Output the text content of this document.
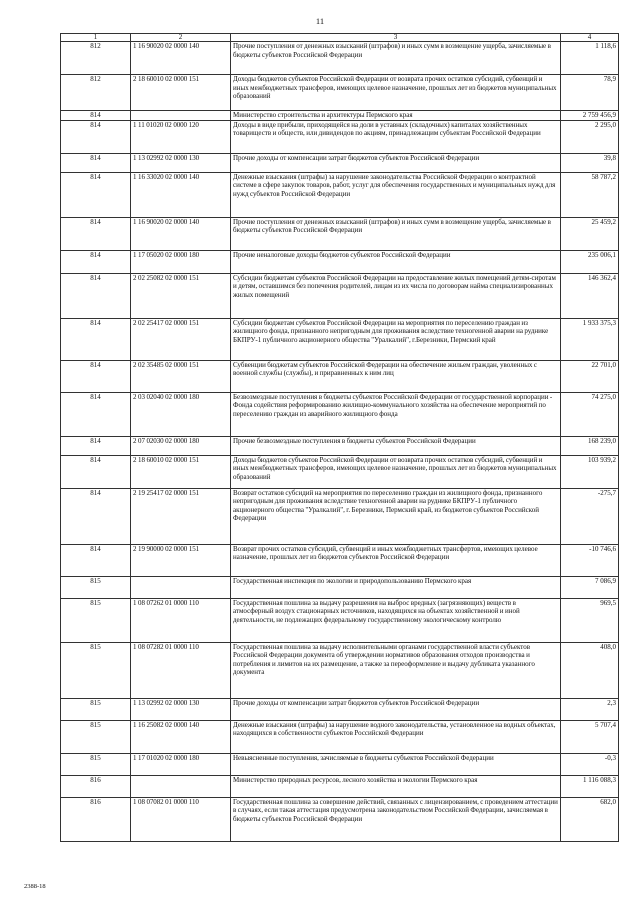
11
1	2	3	4
812	1 16 90020 02 0000 140	Прочие поступления от денежных взысканий (штрафов) и иных сумм в возмещение ущерба, зачисляемые в бюджеты субъектов Российской Федерации	1 118,6
812	2 18 60010 02 0000 151	Доходы бюджетов субъектов Российской Федерации от возврата прочих остатков субсидий, субвенций и иных межбюджетных трансферов, имеющих целевое назначение, прошлых лет из бюджетов муниципальных образований	78,9
814		Министерство строительства и архитектуры Пермского края	2 759 456,9
814	1 11 01020 02 0000 120	Доходы в виде прибыли, приходящейся на доли в уставных (складочных) капиталах хозяйственных товариществ и обществ, или дивидендов по акциям, принадлежащим субъектам Российской Федерации	2 295,0
814	1 13 02992 02 0000 130	Прочие доходы от компенсации затрат бюджетов субъектов Российской Федерации	39,8
814	1 16 33020 02 0000 140	Денежные взыскания (штрафы) за нарушение законодательства Российской Федерации о контрактной системе в сфере закупок товаров, работ, услуг для обеспечения государственных и муниципальных нужд для нужд субъектов Российской Федерации	58 787,2
814	1 16 90020 02 0000 140	Прочие поступления от денежных взысканий (штрафов) и иных сумм в возмещение ущерба, зачисляемые в бюджеты субъектов Российской Федерации	25 459,2
814	1 17 05020 02 0000 180	Прочие неналоговые доходы бюджетов субъектов Российской Федерации	235 006,1
814	2 02 25082 02 0000 151	Субсидии бюджетам субъектов Российской Федерации на предоставление жилых помещений детям-сиротам и детям, оставшимся без попечения родителей, лицам из их числа по договорам найма специализированных жилых помещений	146 362,4
814	2 02 25417 02 0000 151	Субсидии бюджетам субъектов Российской Федерации на мероприятия по переселению граждан из жилищного фонда, признанного непригодным для проживания вследствие техногенной аварии на руднике БКПРУ-1 публичного акционерного общества "Уралкалий", г.Березники, Пермский край	1 933 375,3
814	2 02 35485 02 0000 151	Субвенции бюджетам субъектов Российской Федерации на обеспечение жильем граждан, уволенных с военной службы (службы), и приравненных к ним лиц	22 701,0
814	2 03 02040 02 0000 180	Безвозмездные поступления в бюджеты субъектов Российской Федерации от государственной корпорации - Фонда содействия реформированию жилищно-коммунального хозяйства на обеспечение мероприятий по переселению граждан из аварийного жилищного фонда	74 275,0
814	2 07 02030 02 0000 180	Прочие безвозмездные поступления в бюджеты субъектов Российской Федерации	168 239,0
814	2 18 60010 02 0000 151	Доходы бюджетов субъектов Российской Федерации от возврата прочих остатков субсидий, субвенций и иных межбюджетных трансферов, имеющих целевое назначение, прошлых лет из бюджетов муниципальных образований	103 939,2
814	2 19 25417 02 0000 151	Возврат остатков субсидий на мероприятия по переселению граждан из жилищного фонда, признанного непригодным для проживания вследствие техногенной аварии на руднике БКПРУ-1 публичного акционерного общества "Уралкалий", г. Березники, Пермский край, из бюджетов субъектов Российской Федерации	-275,7
814	2 19 90000 02 0000 151	Возврат прочих остатков субсидий, субвенций и иных межбюджетных трансфертов, имеющих целевое назначение, прошлых лет из бюджетов субъектов Российской Федерации	-10 746,6
815		Государственная инспекция по экологии и природопользованию Пермского края	7 086,9
815	1 08 07262 01 0000 110	Государственная пошлина за выдачу разрешения на выброс вредных (загрязняющих) веществ в атмосферный воздух стационарных источников, находящихся на объектах хозяйственной и иной деятельности, не подлежащих федеральному государственному экологическому контролю	969,5
815	1 08 07282 01 0000 110	Государственная пошлина за выдачу исполнительными органами государственной власти субъектов Российской Федерации документа об утверждении нормативов образования отходов производства и потребления и лимитов на их размещение, а также за переоформление и выдачу дубликата указанного документа	408,0
815	1 13 02992 02 0000 130	Прочие доходы от компенсации затрат бюджетов субъектов Российской Федерации	2,3
815	1 16 25082 02 0000 140	Денежные взыскания (штрафы) за нарушение водного законодательства, установленное на водных объектах, находящихся в собственности субъектов Российской Федерации	5 707,4
815	1 17 01020 02 0000 180	Невыясненные поступления, зачисляемые в бюджеты субъектов Российской Федерации	-0,3
816		Министерство природных ресурсов, лесного хозяйства и экологии Пермского края	1 116 088,3
816	1 08 07082 01 0000 110	Государственная пошлина за совершение действий, связанных с лицензированием, с проведением аттестации в случаях, если такая аттестация предусмотрена законодательством Российской Федерации, зачисляемая в бюджеты субъектов Российской Федерации	682,0
2388-18
